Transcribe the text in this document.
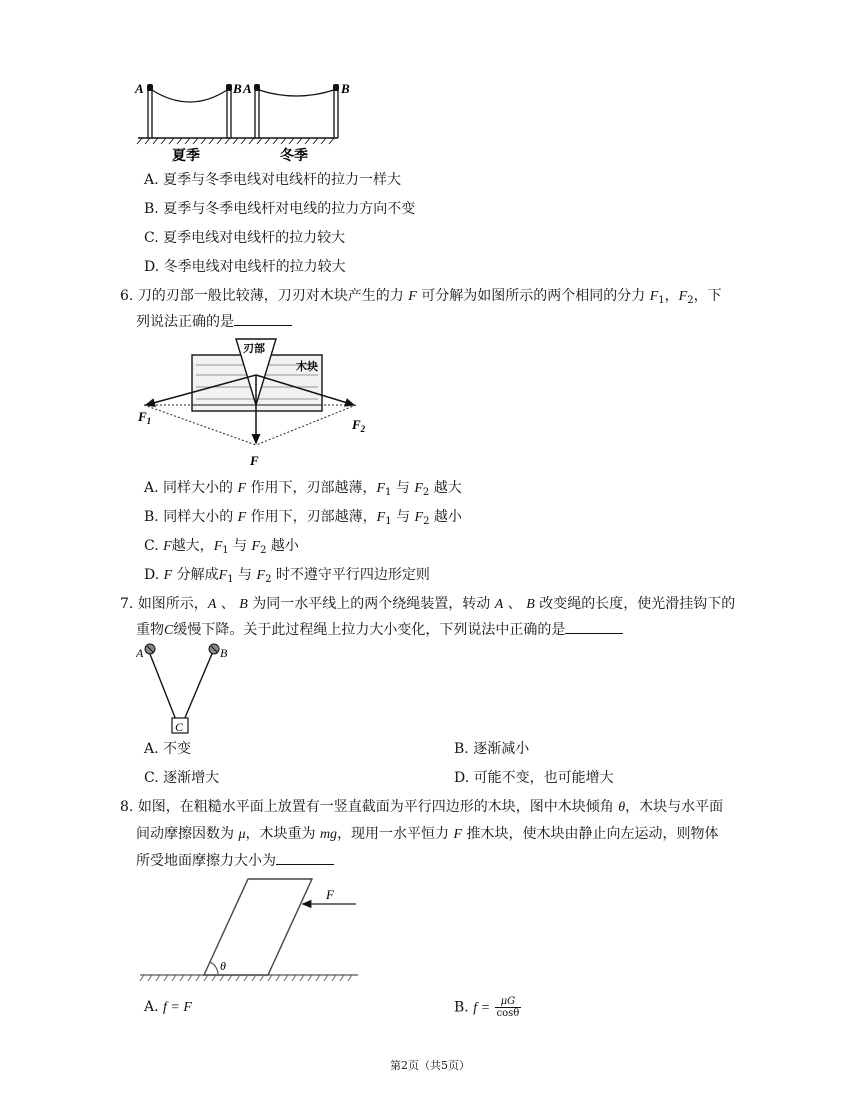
A	B A	B
夏季	冬季
A. 夏季与冬季电线对电线杆的拉力一样大
B. 夏季与冬季电线杆对电线的拉力方向不变
C. 夏季电线对电线杆的拉力较大
D. 冬季电线对电线杆的拉力较大
6. 刀的刃部一般比较薄，刀刃对木块产生的力 F 可分解为如图所示的两个相同的分力 $F_1$，$F_2$，下
列说法正确的是
刃部
木块
$F_1$	$F_2$
F
A. 同样大小的 F 作用下，刃部越薄，$F_1$ 与 $F_2$ 越大
B. 同样大小的 F 作用下，刃部越薄，$F_1$ 与 $F_2$ 越小
C. F越大，$F_1$ 与 $F_2$ 越小
D. F 分解成$F_1$ 与 $F_2$ 时不遵守平行四边形定则
7. 如图所示，A 、 B 为同一水平线上的两个绕绳装置，转动 A 、 B 改变绳的长度，使光滑挂钩下的
重物C缓慢下降。关于此过程绳上拉力大小变化，下列说法中正确的是
A	B
C
A. 不变	B. 逐渐减小
C. 逐渐增大	D. 可能不变，也可能增大
8. 如图，在粗糙水平面上放置有一竖直截面为平行四边形的木块，图中木块倾角 θ，木块与水平面
间动摩擦因数为 μ，木块重为 mg，现用一水平恒力 F 推木块，使木块由静止向左运动，则物体
所受地面摩擦力大小为
F
θ
A. f = F	B. $f = \frac{\mu G}{\cos\theta}$
第2页（共5页）
